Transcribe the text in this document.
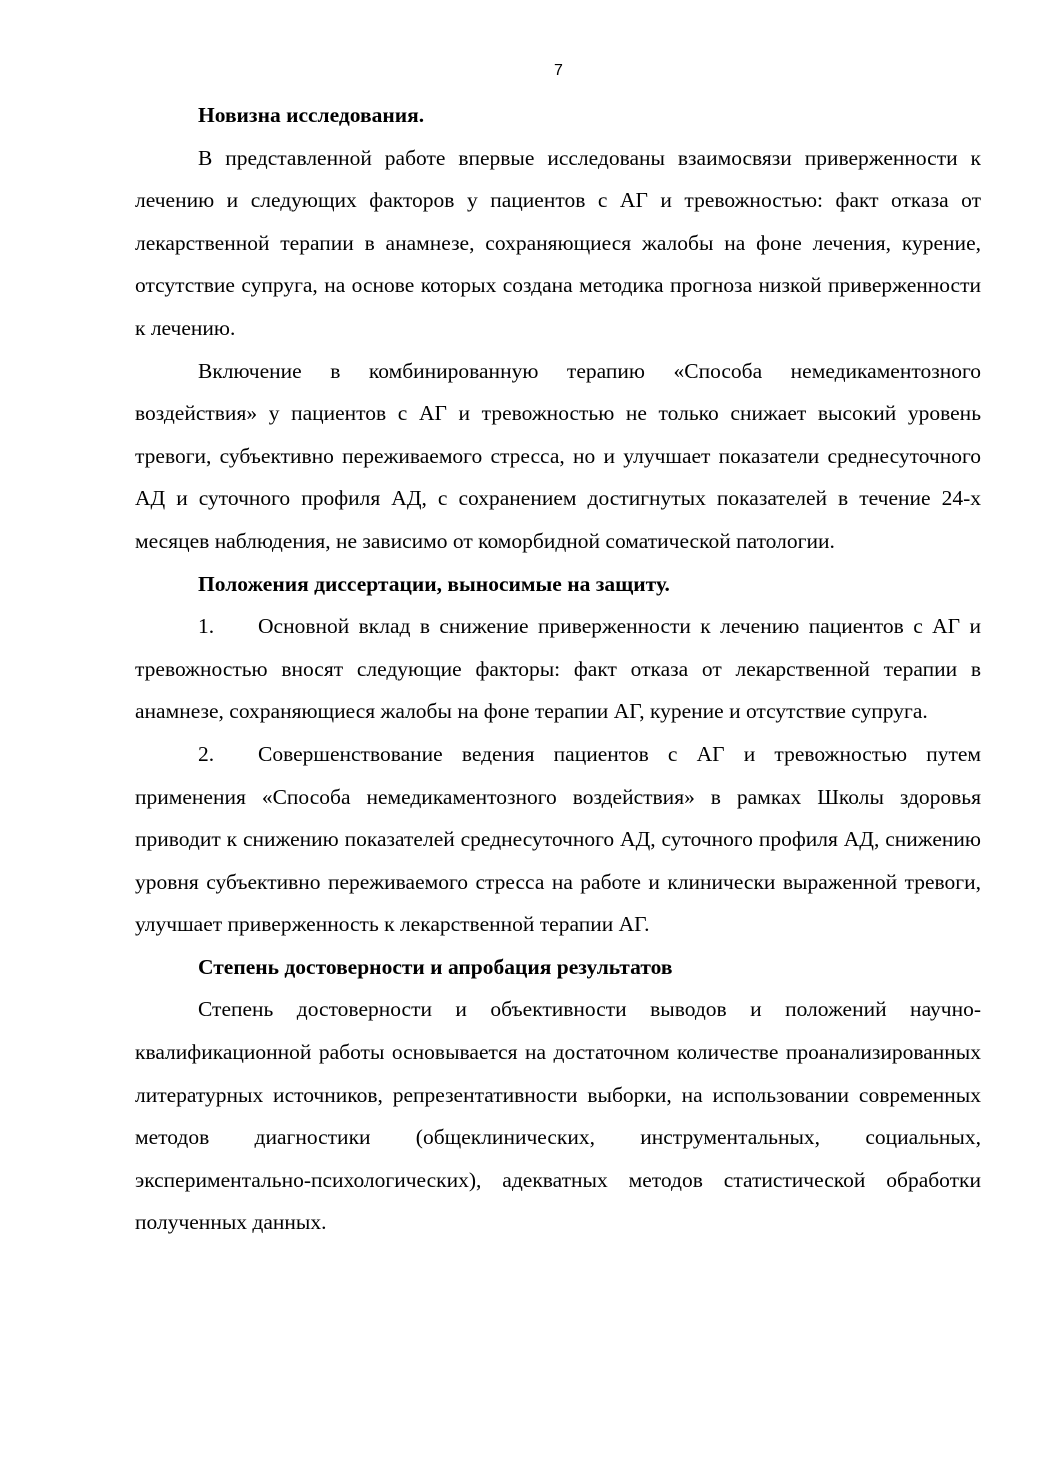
7

Новизна исследования.

В представленной работе впервые исследованы взаимосвязи приверженности к лечению и следующих факторов у пациентов с АГ и тревожностью: факт отказа от лекарственной терапии в анамнезе, сохраняющиеся жалобы на фоне лечения, курение, отсутствие супруга, на основе которых создана методика прогноза низкой приверженности к лечению.

Включение в комбинированную терапию «Способа немедикаментозного воздействия» у пациентов с АГ и тревожностью не только снижает высокий уровень тревоги, субъективно переживаемого стресса, но и улучшает показатели среднесуточного АД и суточного профиля АД, с сохранением достигнутых показателей в течение 24-х месяцев наблюдения, не зависимо от коморбидной соматической патологии.

Положения диссертации, выносимые на защиту.

1. Основной вклад в снижение приверженности к лечению пациентов с АГ и тревожностью вносят следующие факторы: факт отказа от лекарственной терапии в анамнезе, сохраняющиеся жалобы на фоне терапии АГ, курение и отсутствие супруга.

2. Совершенствование ведения пациентов с АГ и тревожностью путем применения «Способа немедикаментозного воздействия» в рамках Школы здоровья приводит к снижению показателей среднесуточного АД, суточного профиля АД, снижению уровня субъективно переживаемого стресса на работе и клинически выраженной тревоги, улучшает приверженность к лекарственной терапии АГ.

Степень достоверности и апробация результатов

Степень достоверности и объективности выводов и положений научно-квалификационной работы основывается на достаточном количестве проанализированных литературных источников, репрезентативности выборки, на использовании современных методов диагностики (общеклинических, инструментальных, социальных, экспериментально-психологических), адекватных методов статистической обработки полученных данных.
